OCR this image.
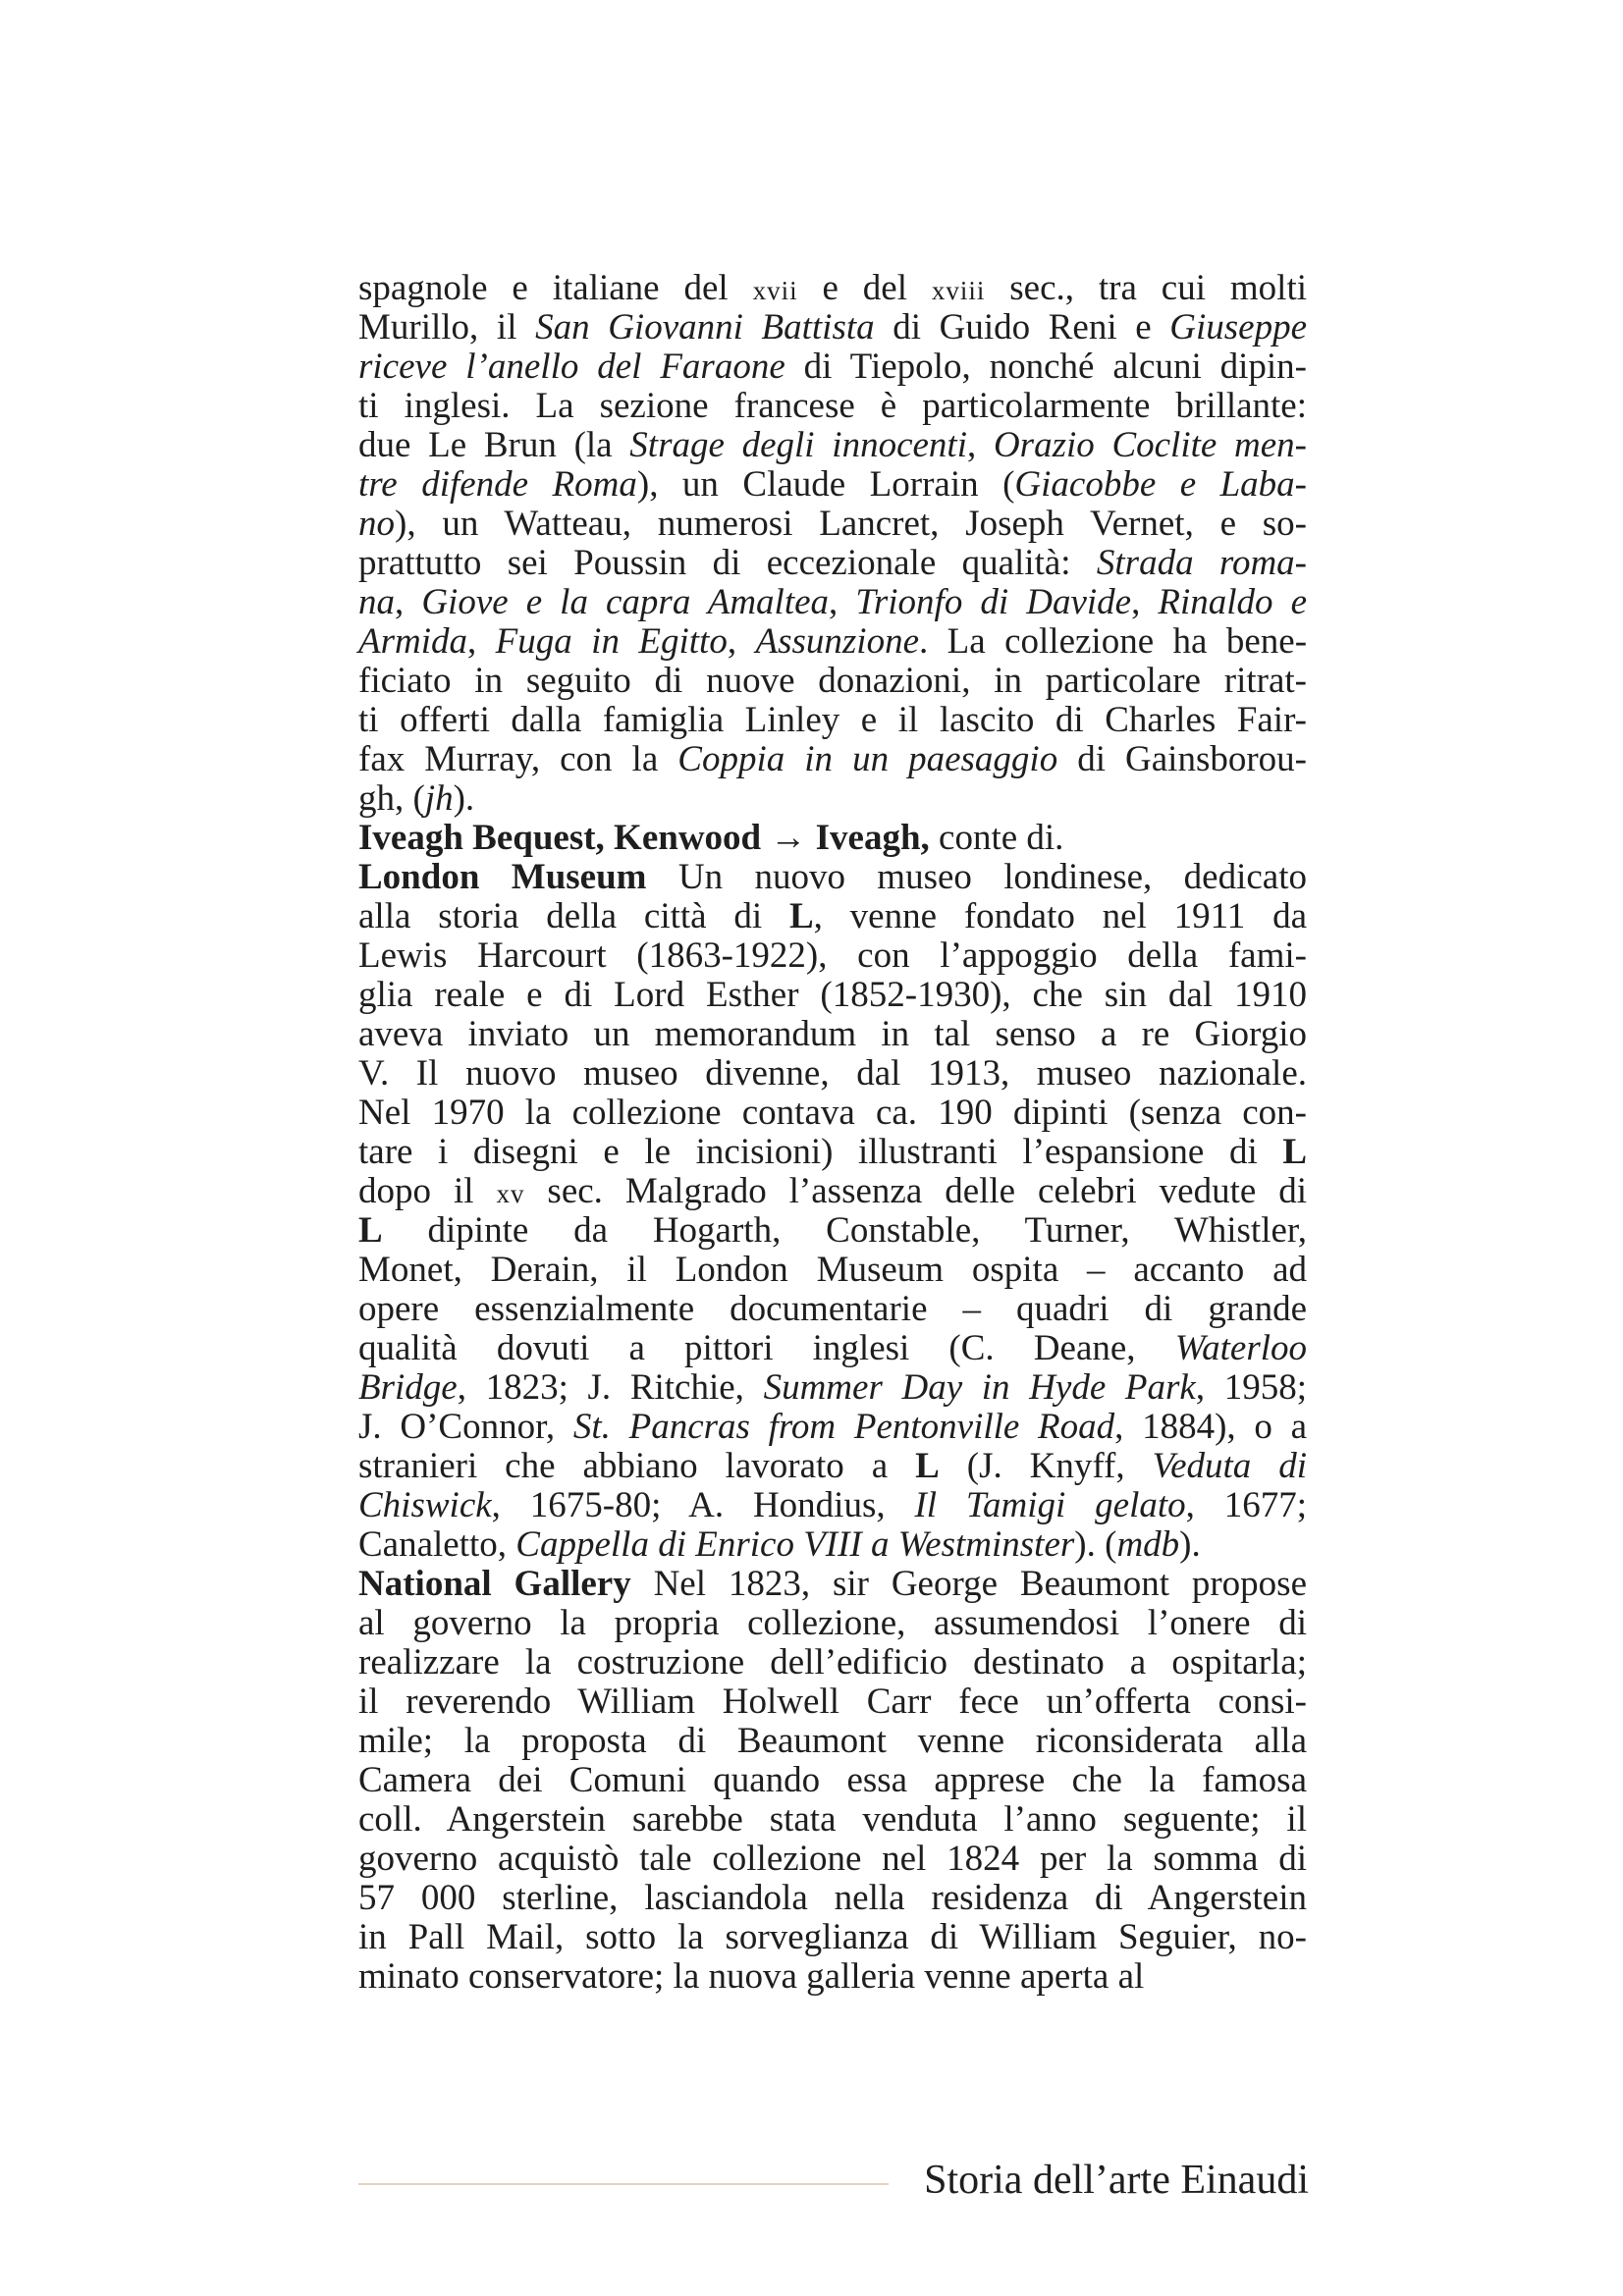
spagnole e italiane del xvii e del xviii sec., tra cui molti
Murillo, il San Giovanni Battista di Guido Reni e Giuseppe
riceve l’anello del Faraone di Tiepolo, nonché alcuni dipin-
ti inglesi. La sezione francese è particolarmente brillante:
due Le Brun (la Strage degli innocenti, Orazio Coclite men-
tre difende Roma), un Claude Lorrain (Giacobbe e Laba-
no), un Watteau, numerosi Lancret, Joseph Vernet, e so-
prattutto sei Poussin di eccezionale qualità: Strada roma-
na, Giove e la capra Amaltea, Trionfo di Davide, Rinaldo e
Armida, Fuga in Egitto, Assunzione. La collezione ha bene-
ficiato in seguito di nuove donazioni, in particolare ritrat-
ti offerti dalla famiglia Linley e il lascito di Charles Fair-
fax Murray, con la Coppia in un paesaggio di Gainsborou-
gh, (jh).
Iveagh Bequest, Kenwood → Iveagh, conte di.
London Museum Un nuovo museo londinese, dedicato
alla storia della città di L, venne fondato nel 1911 da
Lewis Harcourt (1863-1922), con l’appoggio della fami-
glia reale e di Lord Esther (1852-1930), che sin dal 1910
aveva inviato un memorandum in tal senso a re Giorgio
V. Il nuovo museo divenne, dal 1913, museo nazionale.
Nel 1970 la collezione contava ca. 190 dipinti (senza con-
tare i disegni e le incisioni) illustranti l’espansione di L
dopo il xv sec. Malgrado l’assenza delle celebri vedute di
L dipinte da Hogarth, Constable, Turner, Whistler,
Monet, Derain, il London Museum ospita – accanto ad
opere essenzialmente documentarie – quadri di grande
qualità dovuti a pittori inglesi (C. Deane, Waterloo
Bridge, 1823; J. Ritchie, Summer Day in Hyde Park, 1958;
J. O’Connor, St. Pancras from Pentonville Road, 1884), o a
stranieri che abbiano lavorato a L (J. Knyff, Veduta di
Chiswick, 1675-80; A. Hondius, Il Tamigi gelato, 1677;
Canaletto, Cappella di Enrico VIII a Westminster). (mdb).
National Gallery Nel 1823, sir George Beaumont propose
al governo la propria collezione, assumendosi l’onere di
realizzare la costruzione dell’edificio destinato a ospitarla;
il reverendo William Holwell Carr fece un’offerta consi-
mile; la proposta di Beaumont venne riconsiderata alla
Camera dei Comuni quando essa apprese che la famosa
coll. Angerstein sarebbe stata venduta l’anno seguente; il
governo acquistò tale collezione nel 1824 per la somma di
57 000 sterline, lasciandola nella residenza di Angerstein
in Pall Mail, sotto la sorveglianza di William Seguier, no-
minato conservatore; la nuova galleria venne aperta al
Storia dell’arte Einaudi
